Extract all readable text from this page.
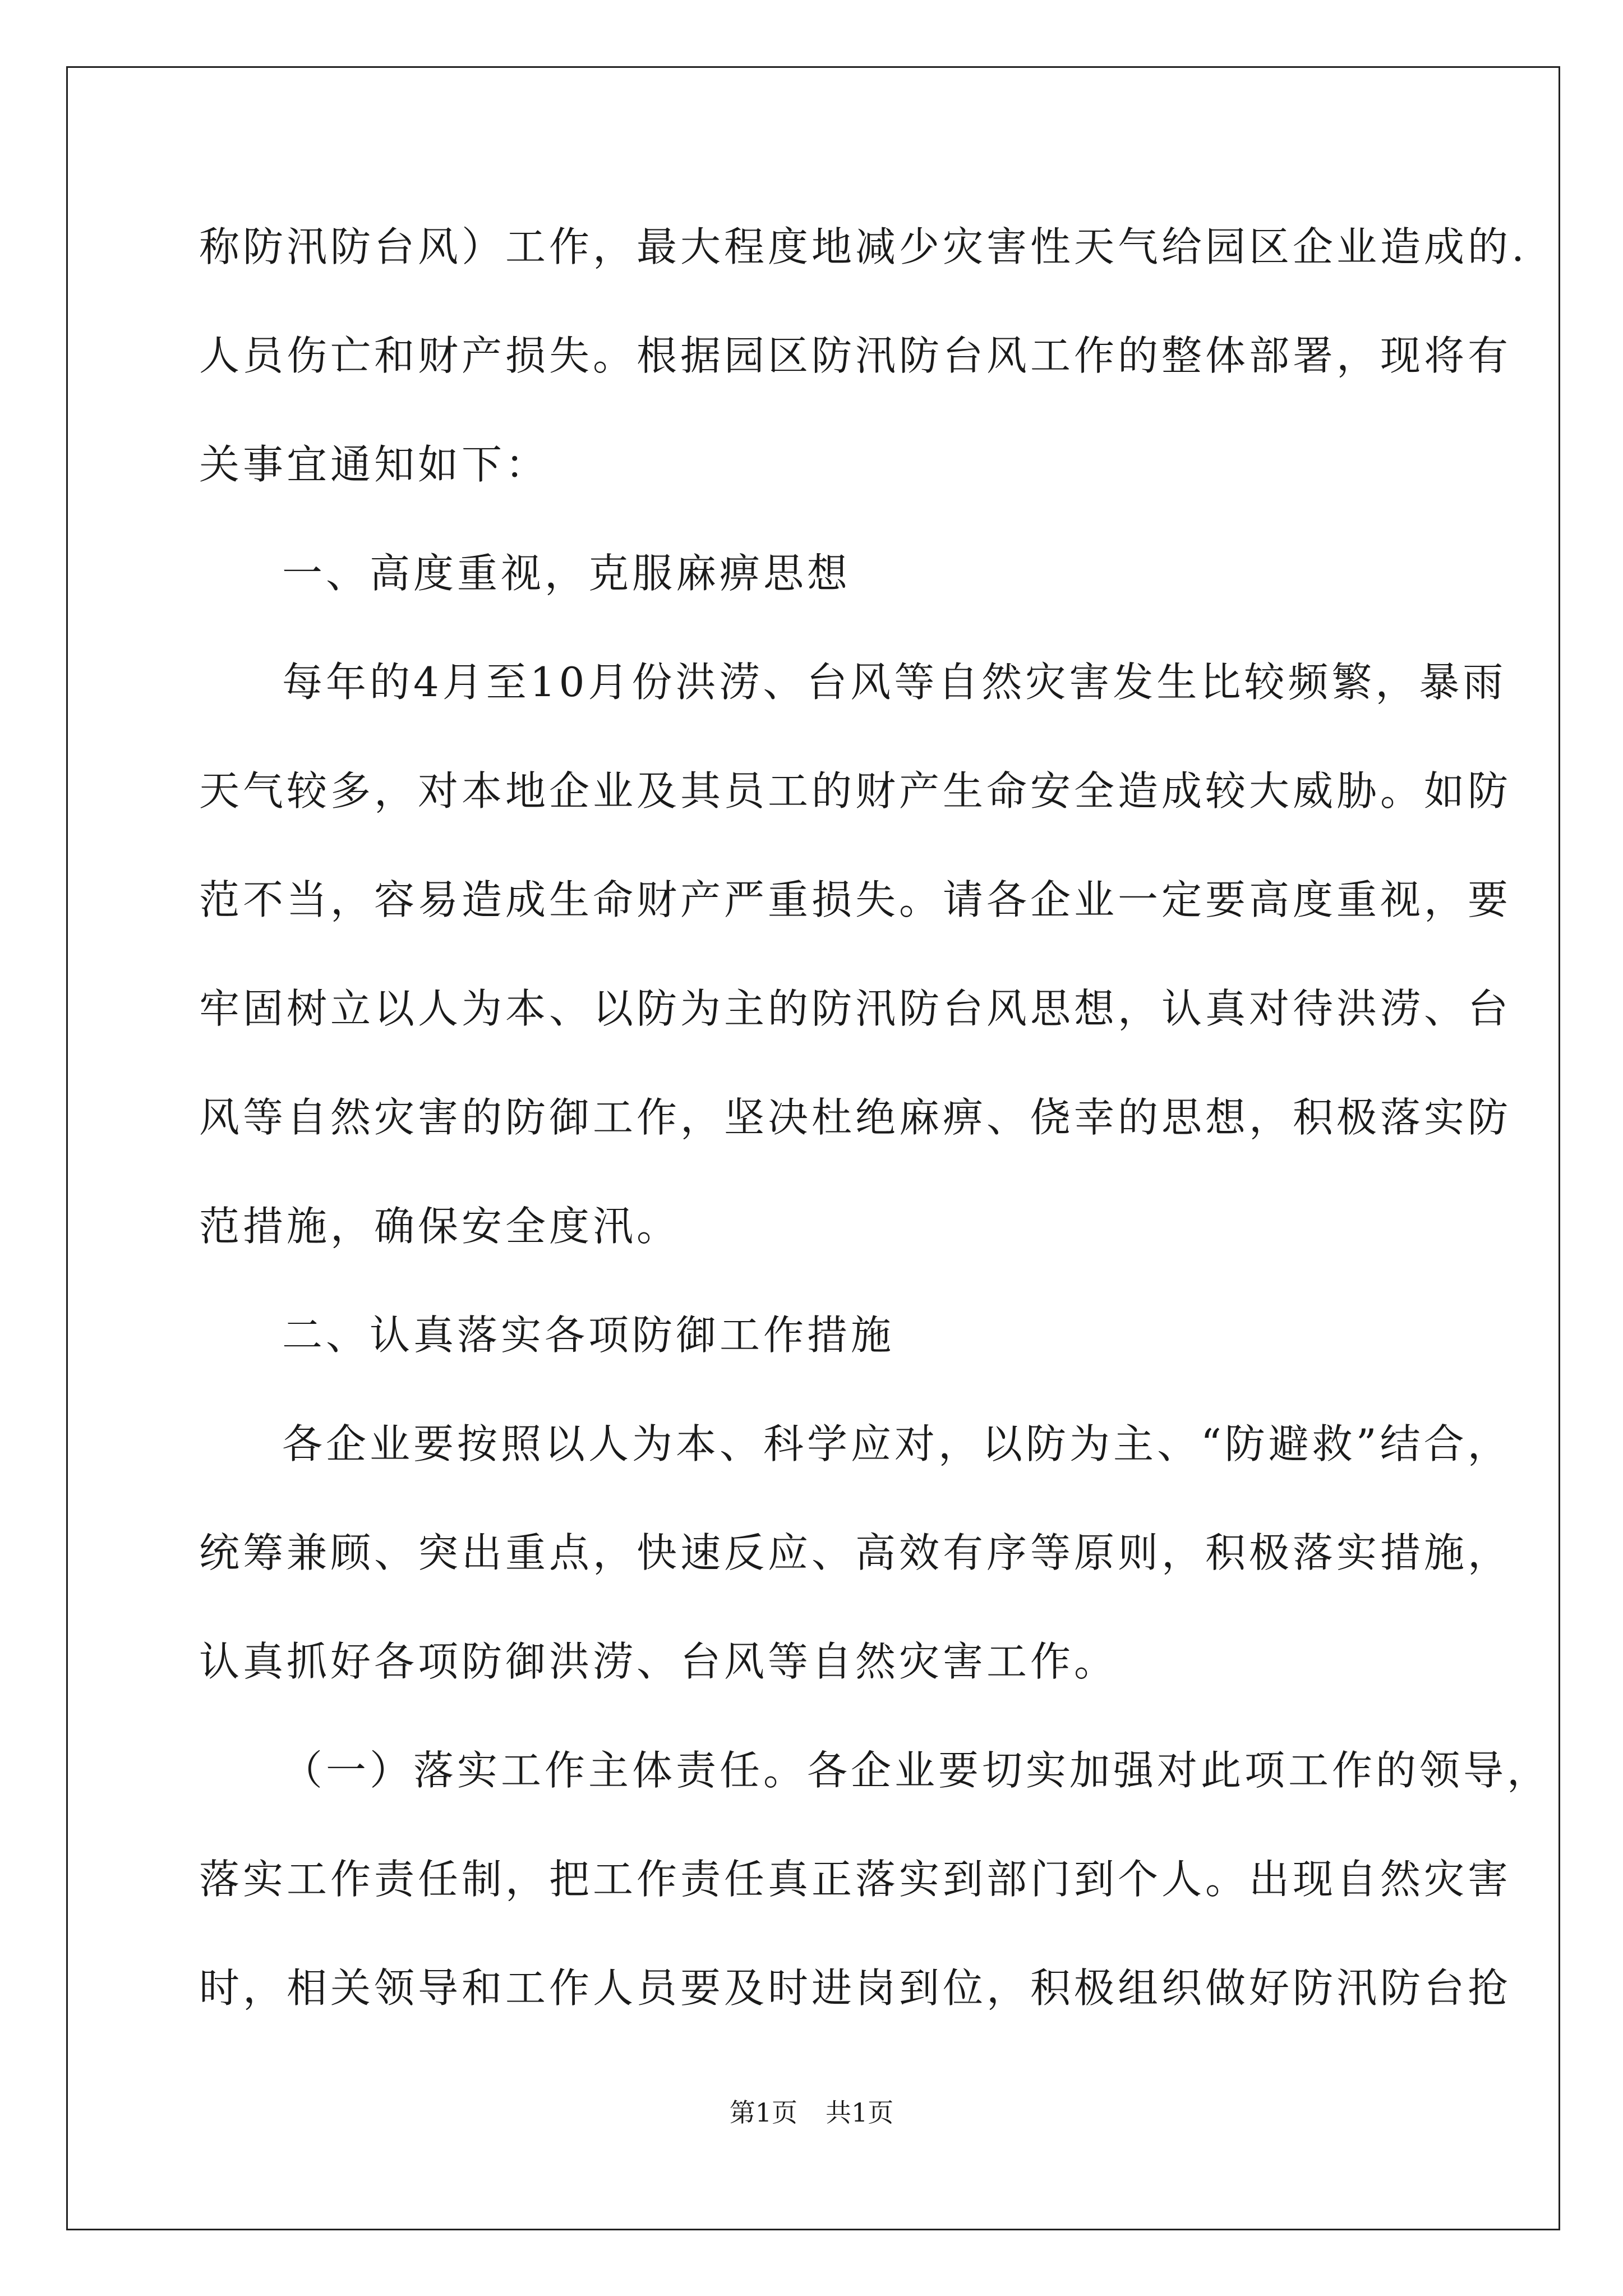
称防汛防台风）工作，最大程度地减少灾害性天气给园区企业造成的.
人员伤亡和财产损失。根据园区防汛防台风工作的整体部署，现将有
关事宜通知如下：
一、高度重视，克服麻痹思想
每年的4月至10月份洪涝、台风等自然灾害发生比较频繁，暴雨
天气较多，对本地企业及其员工的财产生命安全造成较大威胁。如防
范不当，容易造成生命财产严重损失。请各企业一定要高度重视，要
牢固树立以人为本、以防为主的防汛防台风思想，认真对待洪涝、台
风等自然灾害的防御工作，坚决杜绝麻痹、侥幸的思想，积极落实防
范措施，确保安全度汛。
二、认真落实各项防御工作措施
各企业要按照以人为本、科学应对，以防为主、“防避救”结合，
统筹兼顾、突出重点，快速反应、高效有序等原则，积极落实措施，
认真抓好各项防御洪涝、台风等自然灾害工作。
（一）落实工作主体责任。各企业要切实加强对此项工作的领导，
落实工作责任制，把工作责任真正落实到部门到个人。出现自然灾害
时，相关领导和工作人员要及时进岗到位，积极组织做好防汛防台抢
第1页 共1页
